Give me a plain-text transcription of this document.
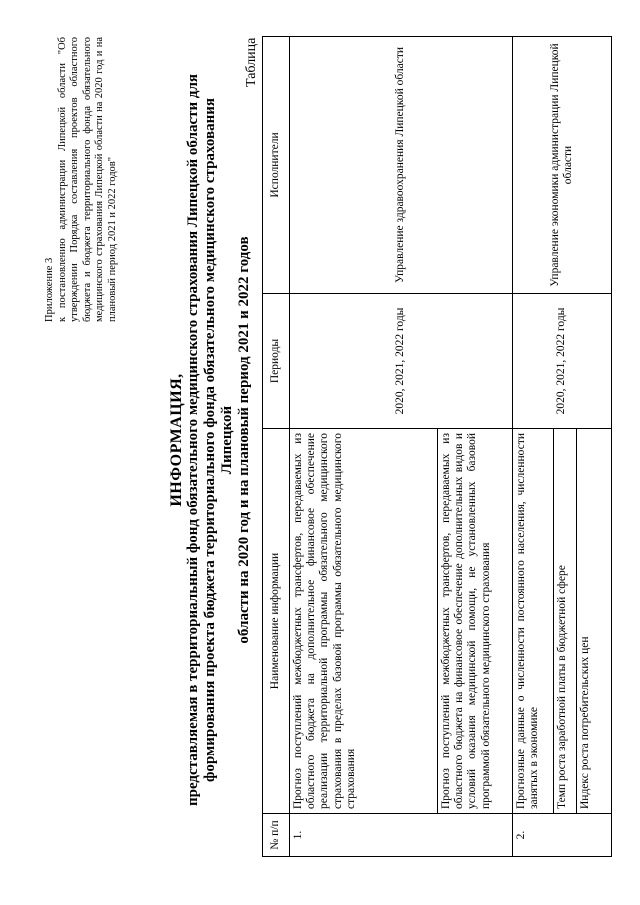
Приложение 3 к постановлению администрации Липецкой области "Об утверждении Порядка составления проектов областного бюджета и бюджета территориального фонда обязательного медицинского страхования Липецкой области на 2020 год и на плановый период 2021 и 2022 годов"
ИНФОРМАЦИЯ, представляемая в территориальный фонд обязательного медицинского страхования Липецкой области для формирования проекта бюджета территориального фонда обязательного медицинского страхования Липецкой области на 2020 год и на плановый период 2021 и 2022 годов
Таблица
№ п/п	Наименование информации	Периоды	Исполнители
1.	Прогноз поступлений межбюджетных трансфертов, передаваемых из областного бюджета на дополнительное финансовое обеспечение реализации территориальной программы обязательного медицинского страхования в пределах базовой программы обязательного медицинского страхования	2020, 2021, 2022 годы	Управление здравоохранения Липецкой области
	Прогноз поступлений межбюджетных трансфертов, передаваемых из областного бюджета на финансовое обеспечение дополнительных видов и условий оказания медицинской помощи, не установленных базовой программой обязательного медицинского страхования		
2.	Прогнозные данные о численности постоянного населения, численности занятых в экономике	2020, 2021, 2022 годы	Управление экономики администрации Липецкой области
	Темп роста заработной платы в бюджетной сфере		
	Индекс роста потребительских цен		
